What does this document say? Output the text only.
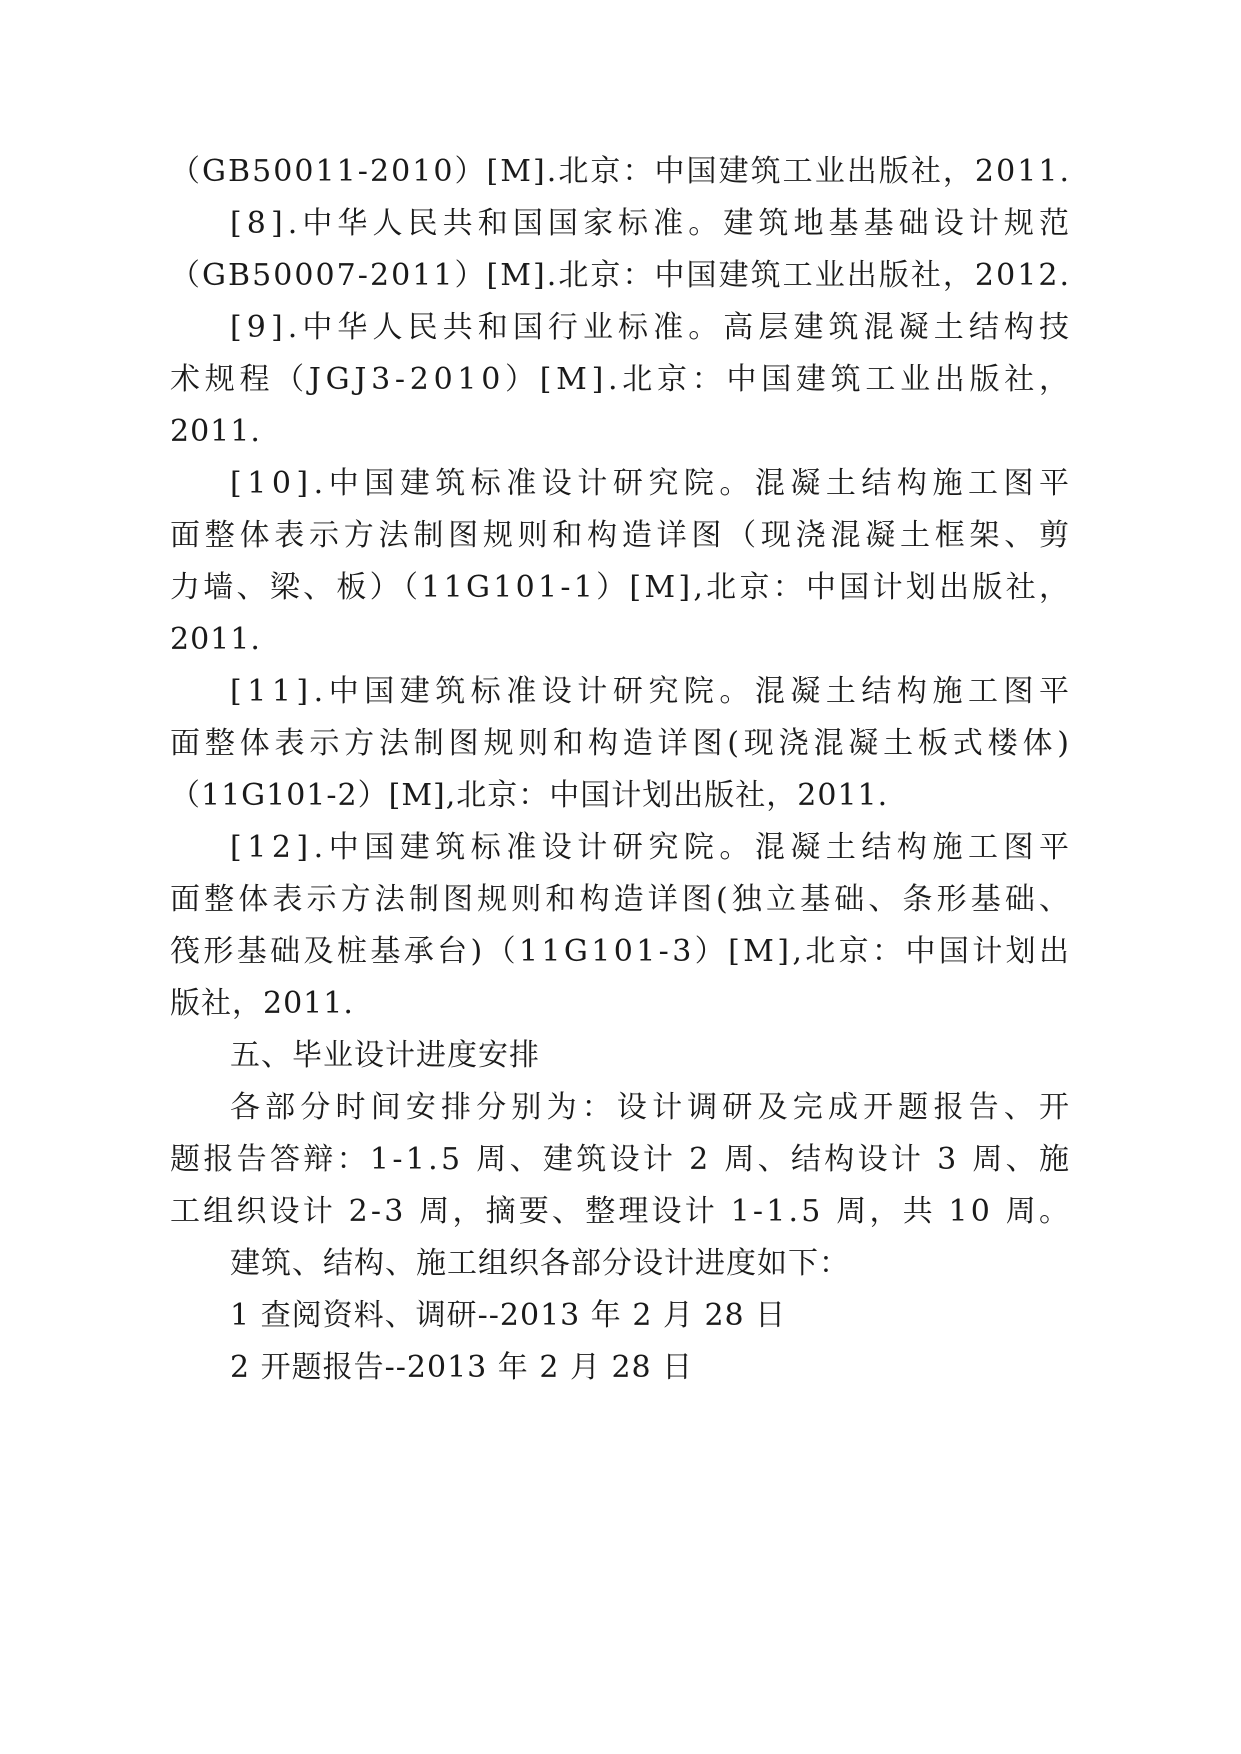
（GB50011-2010）[M].北京：中国建筑工业出版社，2011.
[8].中华人民共和国国家标准。建筑地基基础设计规范
（GB50007-2011）[M].北京：中国建筑工业出版社，2012.
[9].中华人民共和国行业标准。高层建筑混凝土结构技
术规程（JGJ3-2010）[M].北京：中国建筑工业出版社，
2011.
[10].中国建筑标准设计研究院。混凝土结构施工图平
面整体表示方法制图规则和构造详图（现浇混凝土框架、剪
力墙、梁、板）（11G101-1）[M],北京：中国计划出版社，
2011.
[11].中国建筑标准设计研究院。混凝土结构施工图平
面整体表示方法制图规则和构造详图(现浇混凝土板式楼体)
（11G101-2）[M],北京：中国计划出版社，2011.
[12].中国建筑标准设计研究院。混凝土结构施工图平
面整体表示方法制图规则和构造详图(独立基础、条形基础、
筏形基础及桩基承台)（11G101-3）[M],北京：中国计划出
版社，2011.
五、毕业设计进度安排
各部分时间安排分别为：设计调研及完成开题报告、开
题报告答辩：1-1.5 周、建筑设计 2 周、结构设计 3 周、施
工组织设计 2-3 周，摘要、整理设计 1-1.5 周，共 10 周。
建筑、结构、施工组织各部分设计进度如下：
1 查阅资料、调研--2013 年 2 月 28 日
2 开题报告--2013 年 2 月 28 日
